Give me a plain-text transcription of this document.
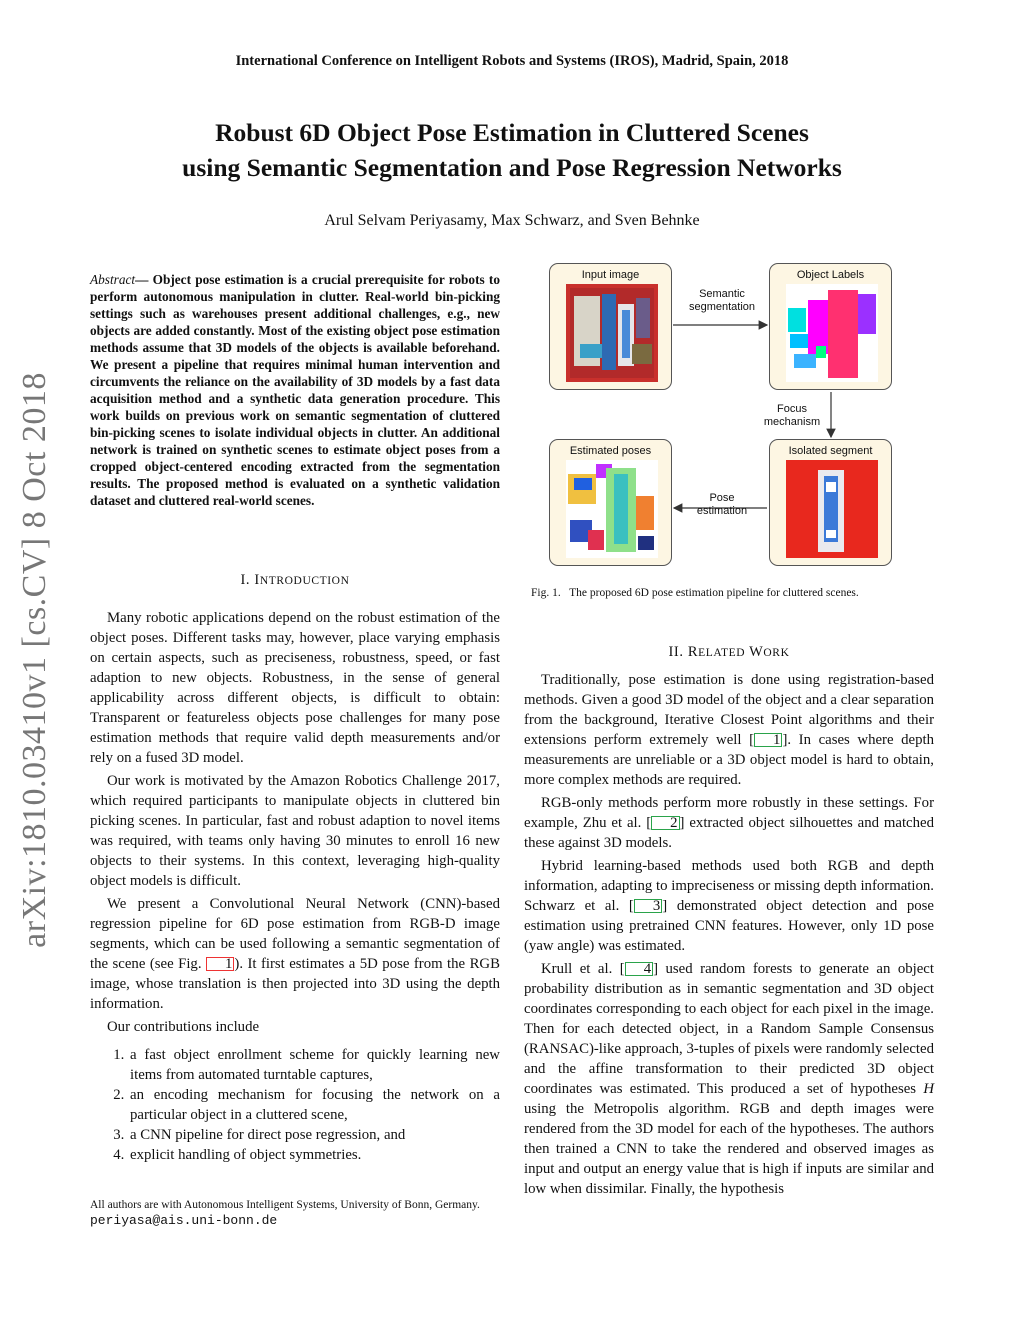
arXiv:1810.03410v1 [cs.CV] 8 Oct 2018
International Conference on Intelligent Robots and Systems (IROS), Madrid, Spain, 2018
Robust 6D Object Pose Estimation in Cluttered Scenes
using Semantic Segmentation and Pose Regression Networks
Arul Selvam Periyasamy, Max Schwarz, and Sven Behnke
Abstract— Object pose estimation is a crucial prerequisite for robots to perform autonomous manipulation in clutter. Real-world bin-picking settings such as warehouses present additional challenges, e.g., new objects are added constantly. Most of the existing object pose estimation methods assume that 3D models of the objects is available beforehand. We present a pipeline that requires minimal human intervention and circumvents the reliance on the availability of 3D models by a fast data acquisition method and a synthetic data generation procedure. This work builds on previous work on semantic segmentation of cluttered bin-picking scenes to isolate individual objects in clutter. An additional network is trained on synthetic scenes to estimate object poses from a cropped object-centered encoding extracted from the segmentation results. The proposed method is evaluated on a synthetic validation dataset and cluttered real-world scenes.

I. INTRODUCTION

Many robotic applications depend on the robust estimation of the object poses. Different tasks may, however, place varying emphasis on certain aspects, such as preciseness, robustness, speed, or fast adaption to new objects. Robustness, in the sense of general applicability across different objects, is difficult to obtain: Transparent or featureless objects pose challenges for many pose estimation methods that require valid depth measurements and/or rely on a fused 3D model.

Our work is motivated by the Amazon Robotics Challenge 2017, which required participants to manipulate objects in cluttered bin picking scenes. In particular, fast and robust adaption to novel items was required, with teams only having 30 minutes to enroll 16 new objects to their systems. In this context, leveraging high-quality object models is difficult.

We present a Convolutional Neural Network (CNN)-based regression pipeline for 6D pose estimation from RGB-D image segments, which can be used following a semantic segmentation of the scene (see Fig. 1 ). It first estimates a 5D pose from the RGB image, whose translation is then projected into 3D using the depth information.

Our contributions include

1. a fast object enrollment scheme for quickly learning new items from automated turntable captures,
2. an encoding mechanism for focusing the network on a particular object in a cluttered scene,
3. a CNN pipeline for direct pose regression, and
4. explicit handling of object symmetries.
All authors are with Autonomous Intelligent Systems, University of Bonn, Germany. periyasa@ais.uni-bonn.de
Input image	Object Labels
Estimated poses	Isolated segment
Semantic
segmentation
Focus
mechanism
Pose
estimation
Fig. 1.   The proposed 6D pose estimation pipeline for cluttered scenes.

II. RELATED WORK

Traditionally, pose estimation is done using registration-based methods. Given a good 3D model of the object and a clear separation from the background, Iterative Closest Point algorithms and their extensions perform extremely well [ 1 ]. In cases where depth measurements are unreliable or a 3D object model is hard to obtain, more complex methods are required.

RGB-only methods perform more robustly in these settings. For example, Zhu et al. [ 2 ] extracted object silhouettes and matched these against 3D models.

Hybrid learning-based methods used both RGB and depth information, adapting to impreciseness or missing depth information. Schwarz et al. [ 3 ] demonstrated object detection and pose estimation using pretrained CNN features. However, only 1D pose (yaw angle) was estimated.

Krull et al. [ 4 ] used random forests to generate an object probability distribution as in semantic segmentation and 3D object coordinates corresponding to each object for each pixel in the image. Then for each detected object, in a Random Sample Consensus (RANSAC)-like approach, 3-tuples of pixels were randomly selected and the affine transformation to their predicted 3D object coordinates was estimated. This produced a set of hypotheses H using the Metropolis algorithm. RGB and depth images were rendered from the 3D model for each of the hypotheses. The authors then trained a CNN to take the rendered and observed images as input and output an energy value that is high if inputs are similar and low when dissimilar. Finally, the hypothesis
